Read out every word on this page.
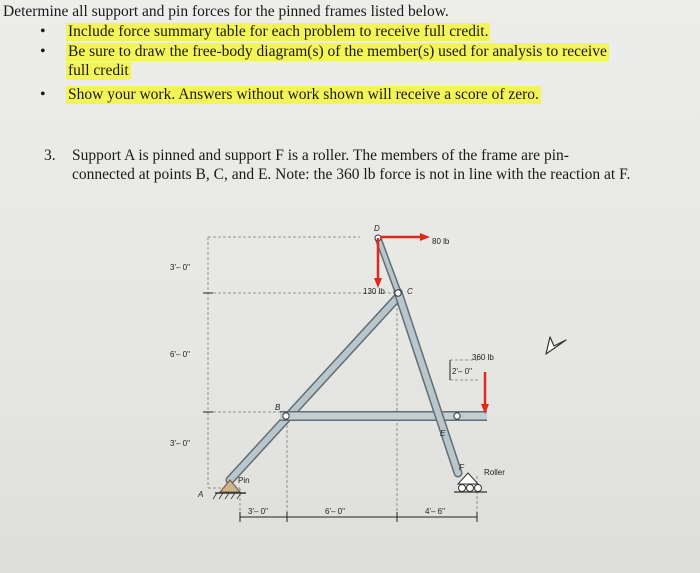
Determine all support and pin forces for the pinned frames listed below.
• Include force summary table for each problem to receive full credit.
• Be sure to draw the free-body diagram(s) of the member(s) used for analysis to receive
full credit
• Show your work. Answers without work shown will receive a score of zero.
3. Support A is pinned and support F is a roller. The members of the frame are pin-
connected at points B, C, and E. Note: the 360 lb force is not in line with the reaction at F.
3'– 0"
6'– 0"
3'– 0"
3'– 0"	6'– 0"	4'– 6"
2'– 0"
80 lb
130 lb
360 lb
A
B
C
D
E
F
Pin
Roller
